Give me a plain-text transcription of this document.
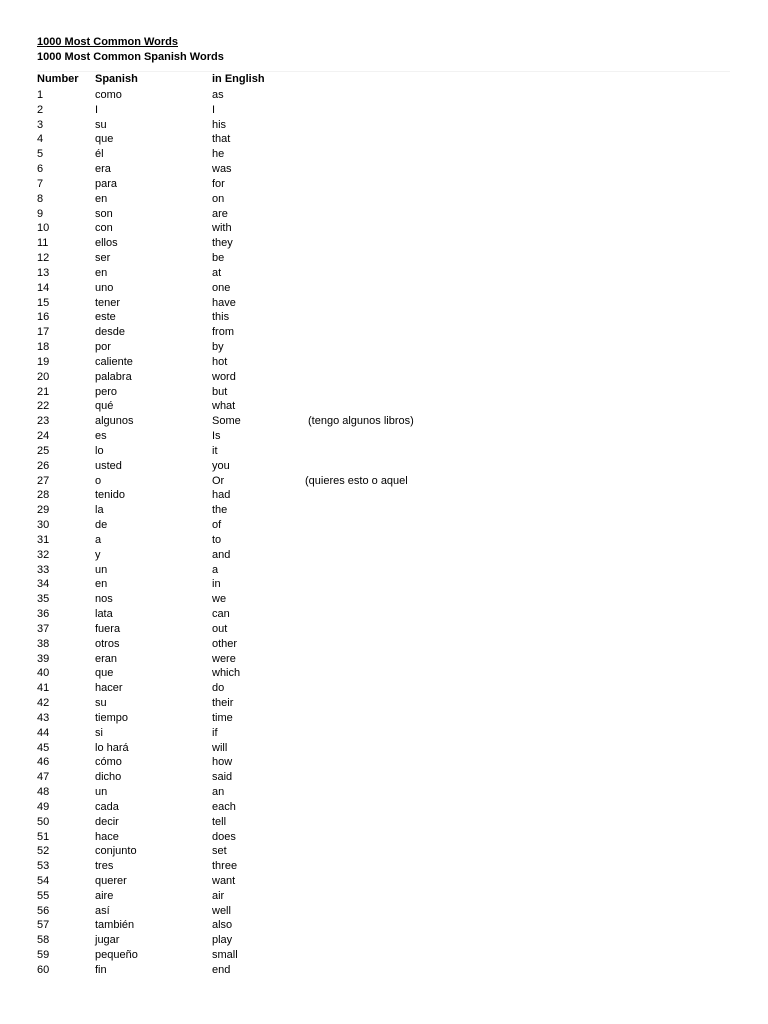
1000 Most Common Words
1000 Most Common Spanish Words
Number Spanish	in English
1	como	as
2	I	I
3	su	his
4	que	that
5	él	he
6	era	was
7	para	for
8	en	on
9	son	are
10	con	with
11	ellos	they
12	ser	be
13	en	at
14	uno	one
15	tener	have
16	este	this
17	desde	from
18	por	by
19	caliente	hot
20	palabra	word
21	pero	but
22	qué	what
23	algunos	Some	(tengo algunos libros)
24	es	Is
25	lo	it
26	usted	you
27	o	Or	(quieres esto o aquel
28	tenido	had
29	la	the
30	de	of
31	a	to
32	y	and
33	un	a
34	en	in
35	nos	we
36	lata	can
37	fuera	out
38	otros	other
39	eran	were
40	que	which
41	hacer	do
42	su	their
43	tiempo	time
44	si	if
45	lo hará	will
46	cómo	how
47	dicho	said
48	un	an
49	cada	each
50	decir	tell
51	hace	does
52	conjunto	set
53	tres	three
54	querer	want
55	aire	air
56	así	well
57	también	also
58	jugar	play
59	pequeño	small
60	fin	end
